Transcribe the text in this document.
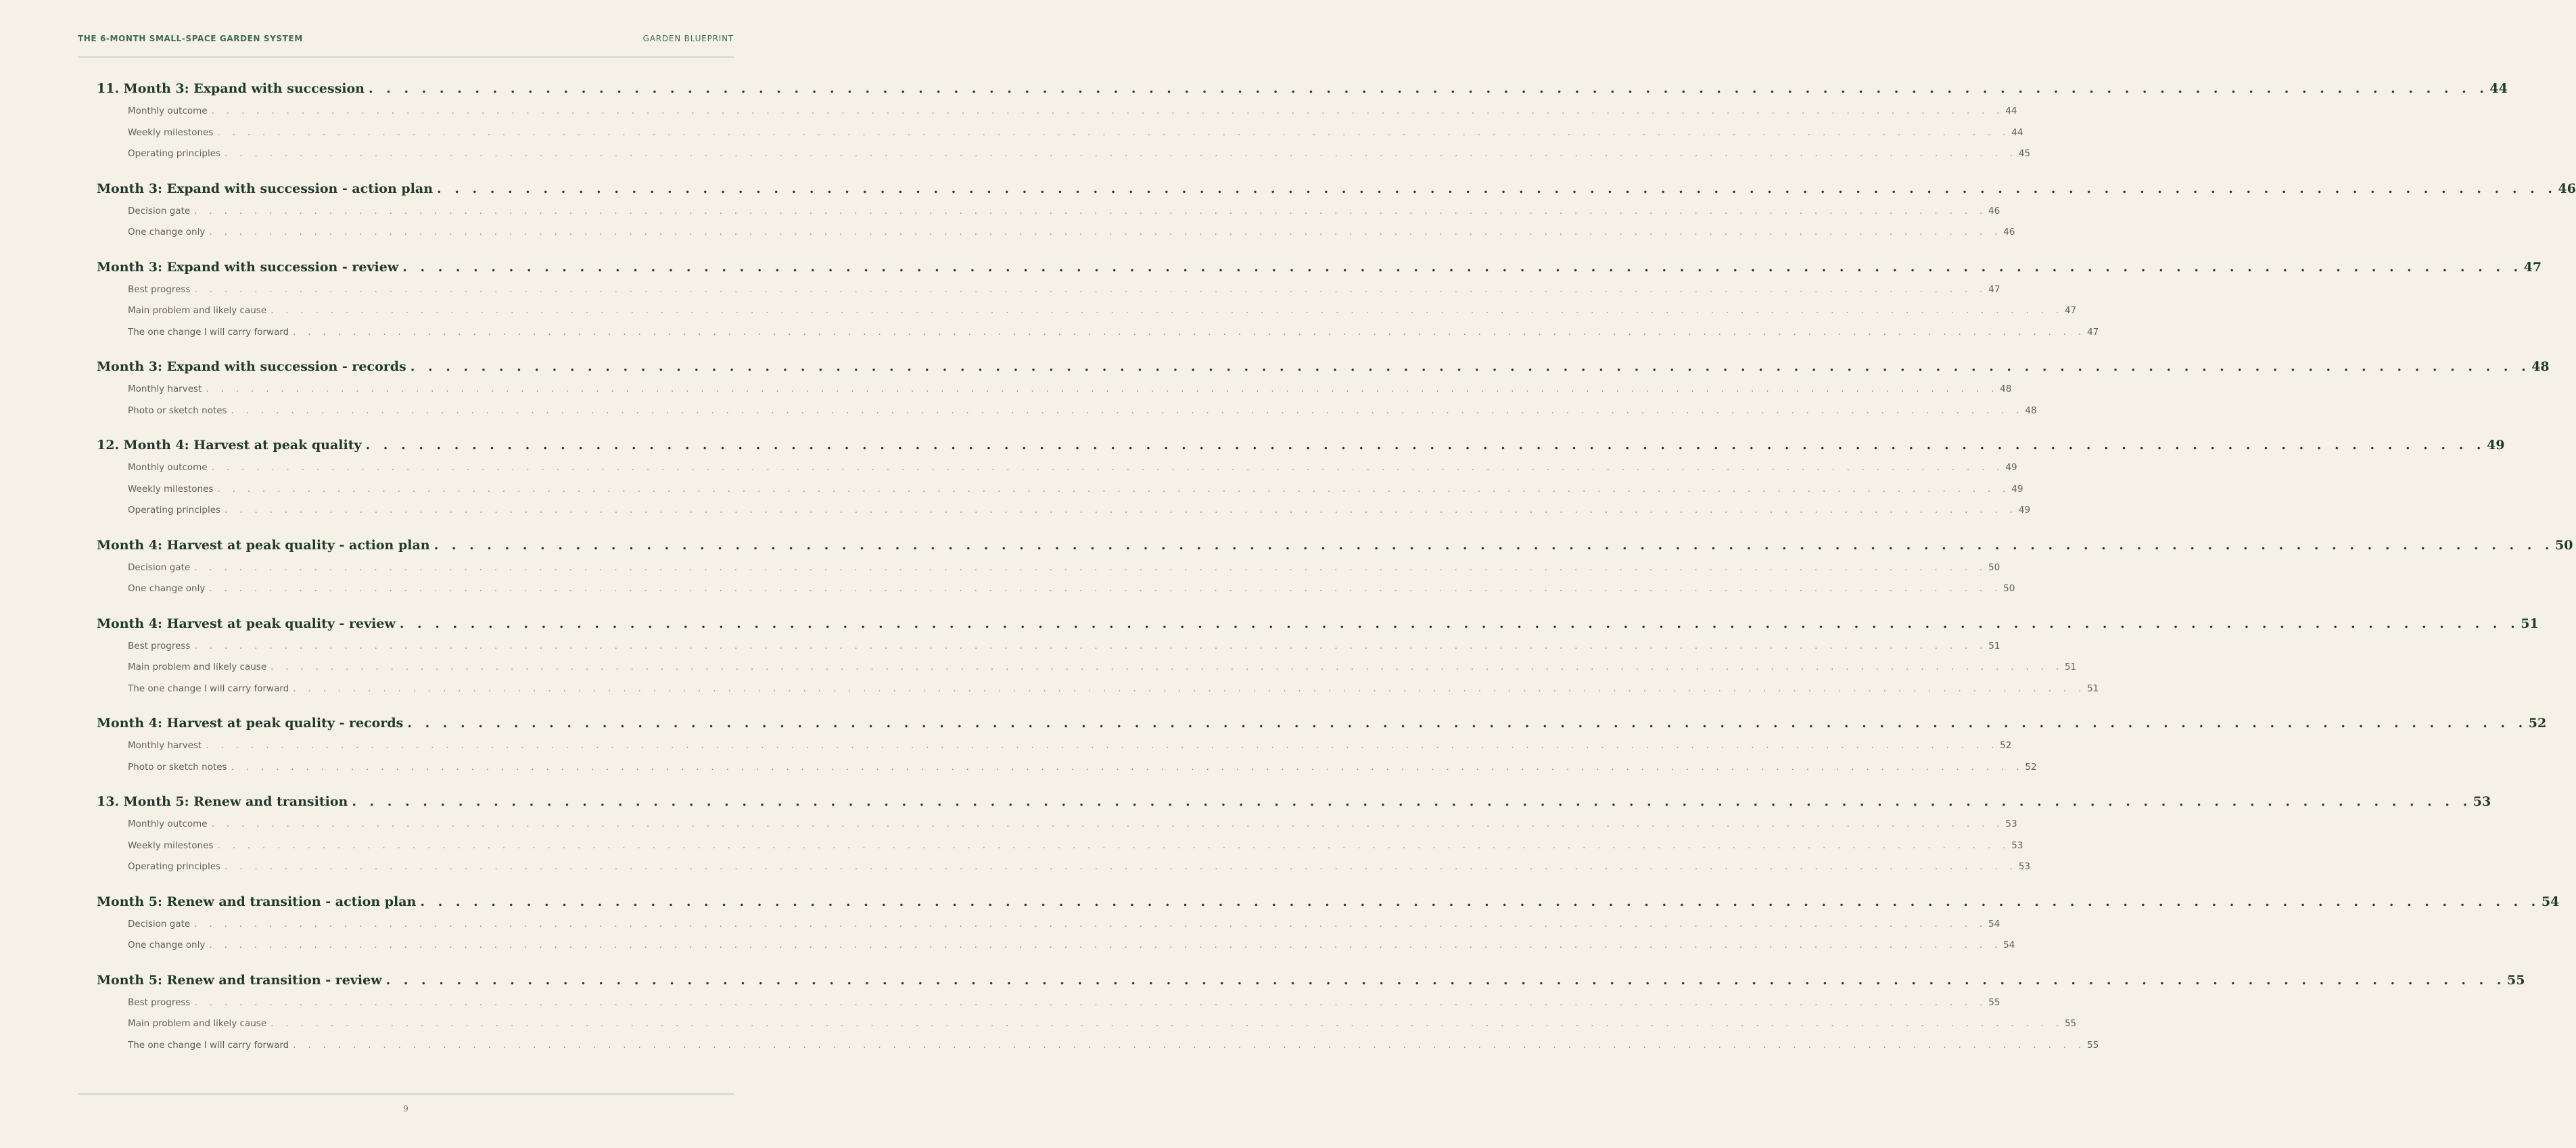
THE 6-MONTH SMALL-SPACE GARDEN SYSTEM	GARDEN BLUEPRINT
11. Month 3: Expand with succession . . . . . . . . . . . . . . . . . . . . . . . . . . . . . . . . . . . . . . . . . . . . . . . . . . . . . . . . . . . . . . . . . . . . . . . . . . . . . . . . . . . . . . . . . . . . . . . . . . . . . . . . . . . . . . . . . . . . . . . . 44
Monthly outcome . . . . . . . . . . . . . . . . . . . . . . . . . . . . . . . . . . . . . . . . . . . . . . . . . . . . . . . . . . . . . . . . . . . . . . . . . . . . . . . . . . . . . . . . . . . . . . . . . . . . . . . . . . . . . . . . . . . . . . . . 44
Weekly milestones . . . . . . . . . . . . . . . . . . . . . . . . . . . . . . . . . . . . . . . . . . . . . . . . . . . . . . . . . . . . . . . . . . . . . . . . . . . . . . . . . . . . . . . . . . . . . . . . . . . . . . . . . . . . . . . . . . . . . . . . 44
Operating principles . . . . . . . . . . . . . . . . . . . . . . . . . . . . . . . . . . . . . . . . . . . . . . . . . . . . . . . . . . . . . . . . . . . . . . . . . . . . . . . . . . . . . . . . . . . . . . . . . . . . . . . . . . . . . . . . . . . . . . . . 45
Month 3: Expand with succession - action plan . . . . . . . . . . . . . . . . . . . . . . . . . . . . . . . . . . . . . . . . . . . . . . . . . . . . . . . . . . . . . . . . . . . . . . . . . . . . . . . . . . . . . . . . . . . . . . . . . . . . . . . . . . . . . . . . . . . . . . . . 46
Decision gate . . . . . . . . . . . . . . . . . . . . . . . . . . . . . . . . . . . . . . . . . . . . . . . . . . . . . . . . . . . . . . . . . . . . . . . . . . . . . . . . . . . . . . . . . . . . . . . . . . . . . . . . . . . . . . . . . . . . . . . . 46
One change only . . . . . . . . . . . . . . . . . . . . . . . . . . . . . . . . . . . . . . . . . . . . . . . . . . . . . . . . . . . . . . . . . . . . . . . . . . . . . . . . . . . . . . . . . . . . . . . . . . . . . . . . . . . . . . . . . . . . . . . . 46
Month 3: Expand with succession - review . . . . . . . . . . . . . . . . . . . . . . . . . . . . . . . . . . . . . . . . . . . . . . . . . . . . . . . . . . . . . . . . . . . . . . . . . . . . . . . . . . . . . . . . . . . . . . . . . . . . . . . . . . . . . . . . . . . . . . . . 47
Best progress . . . . . . . . . . . . . . . . . . . . . . . . . . . . . . . . . . . . . . . . . . . . . . . . . . . . . . . . . . . . . . . . . . . . . . . . . . . . . . . . . . . . . . . . . . . . . . . . . . . . . . . . . . . . . . . . . . . . . . . . 47
Main problem and likely cause . . . . . . . . . . . . . . . . . . . . . . . . . . . . . . . . . . . . . . . . . . . . . . . . . . . . . . . . . . . . . . . . . . . . . . . . . . . . . . . . . . . . . . . . . . . . . . . . . . . . . . . . . . . . . . . . . . . . . . . . 47
The one change I will carry forward . . . . . . . . . . . . . . . . . . . . . . . . . . . . . . . . . . . . . . . . . . . . . . . . . . . . . . . . . . . . . . . . . . . . . . . . . . . . . . . . . . . . . . . . . . . . . . . . . . . . . . . . . . . . . . . . . . . . . . . . 47
Month 3: Expand with succession - records . . . . . . . . . . . . . . . . . . . . . . . . . . . . . . . . . . . . . . . . . . . . . . . . . . . . . . . . . . . . . . . . . . . . . . . . . . . . . . . . . . . . . . . . . . . . . . . . . . . . . . . . . . . . . . . . . . . . . . . . 48
Monthly harvest . . . . . . . . . . . . . . . . . . . . . . . . . . . . . . . . . . . . . . . . . . . . . . . . . . . . . . . . . . . . . . . . . . . . . . . . . . . . . . . . . . . . . . . . . . . . . . . . . . . . . . . . . . . . . . . . . . . . . . . . 48
Photo or sketch notes . . . . . . . . . . . . . . . . . . . . . . . . . . . . . . . . . . . . . . . . . . . . . . . . . . . . . . . . . . . . . . . . . . . . . . . . . . . . . . . . . . . . . . . . . . . . . . . . . . . . . . . . . . . . . . . . . . . . . . . . 48
12. Month 4: Harvest at peak quality . . . . . . . . . . . . . . . . . . . . . . . . . . . . . . . . . . . . . . . . . . . . . . . . . . . . . . . . . . . . . . . . . . . . . . . . . . . . . . . . . . . . . . . . . . . . . . . . . . . . . . . . . . . . . . . . . . . . . . . . 49
Monthly outcome . . . . . . . . . . . . . . . . . . . . . . . . . . . . . . . . . . . . . . . . . . . . . . . . . . . . . . . . . . . . . . . . . . . . . . . . . . . . . . . . . . . . . . . . . . . . . . . . . . . . . . . . . . . . . . . . . . . . . . . . 49
Weekly milestones . . . . . . . . . . . . . . . . . . . . . . . . . . . . . . . . . . . . . . . . . . . . . . . . . . . . . . . . . . . . . . . . . . . . . . . . . . . . . . . . . . . . . . . . . . . . . . . . . . . . . . . . . . . . . . . . . . . . . . . . 49
Operating principles . . . . . . . . . . . . . . . . . . . . . . . . . . . . . . . . . . . . . . . . . . . . . . . . . . . . . . . . . . . . . . . . . . . . . . . . . . . . . . . . . . . . . . . . . . . . . . . . . . . . . . . . . . . . . . . . . . . . . . . . 49
Month 4: Harvest at peak quality - action plan . . . . . . . . . . . . . . . . . . . . . . . . . . . . . . . . . . . . . . . . . . . . . . . . . . . . . . . . . . . . . . . . . . . . . . . . . . . . . . . . . . . . . . . . . . . . . . . . . . . . . . . . . . . . . . . . . . . . . . . . 50
Decision gate . . . . . . . . . . . . . . . . . . . . . . . . . . . . . . . . . . . . . . . . . . . . . . . . . . . . . . . . . . . . . . . . . . . . . . . . . . . . . . . . . . . . . . . . . . . . . . . . . . . . . . . . . . . . . . . . . . . . . . . . 50
One change only . . . . . . . . . . . . . . . . . . . . . . . . . . . . . . . . . . . . . . . . . . . . . . . . . . . . . . . . . . . . . . . . . . . . . . . . . . . . . . . . . . . . . . . . . . . . . . . . . . . . . . . . . . . . . . . . . . . . . . . . 50
Month 4: Harvest at peak quality - review . . . . . . . . . . . . . . . . . . . . . . . . . . . . . . . . . . . . . . . . . . . . . . . . . . . . . . . . . . . . . . . . . . . . . . . . . . . . . . . . . . . . . . . . . . . . . . . . . . . . . . . . . . . . . . . . . . . . . . . . 51
Best progress . . . . . . . . . . . . . . . . . . . . . . . . . . . . . . . . . . . . . . . . . . . . . . . . . . . . . . . . . . . . . . . . . . . . . . . . . . . . . . . . . . . . . . . . . . . . . . . . . . . . . . . . . . . . . . . . . . . . . . . . 51
Main problem and likely cause . . . . . . . . . . . . . . . . . . . . . . . . . . . . . . . . . . . . . . . . . . . . . . . . . . . . . . . . . . . . . . . . . . . . . . . . . . . . . . . . . . . . . . . . . . . . . . . . . . . . . . . . . . . . . . . . . . . . . . . . 51
The one change I will carry forward . . . . . . . . . . . . . . . . . . . . . . . . . . . . . . . . . . . . . . . . . . . . . . . . . . . . . . . . . . . . . . . . . . . . . . . . . . . . . . . . . . . . . . . . . . . . . . . . . . . . . . . . . . . . . . . . . . . . . . . . 51
Month 4: Harvest at peak quality - records . . . . . . . . . . . . . . . . . . . . . . . . . . . . . . . . . . . . . . . . . . . . . . . . . . . . . . . . . . . . . . . . . . . . . . . . . . . . . . . . . . . . . . . . . . . . . . . . . . . . . . . . . . . . . . . . . . . . . . . . 52
Monthly harvest . . . . . . . . . . . . . . . . . . . . . . . . . . . . . . . . . . . . . . . . . . . . . . . . . . . . . . . . . . . . . . . . . . . . . . . . . . . . . . . . . . . . . . . . . . . . . . . . . . . . . . . . . . . . . . . . . . . . . . . . 52
Photo or sketch notes . . . . . . . . . . . . . . . . . . . . . . . . . . . . . . . . . . . . . . . . . . . . . . . . . . . . . . . . . . . . . . . . . . . . . . . . . . . . . . . . . . . . . . . . . . . . . . . . . . . . . . . . . . . . . . . . . . . . . . . . 52
13. Month 5: Renew and transition . . . . . . . . . . . . . . . . . . . . . . . . . . . . . . . . . . . . . . . . . . . . . . . . . . . . . . . . . . . . . . . . . . . . . . . . . . . . . . . . . . . . . . . . . . . . . . . . . . . . . . . . . . . . . . . . . . . . . . . . 53
Monthly outcome . . . . . . . . . . . . . . . . . . . . . . . . . . . . . . . . . . . . . . . . . . . . . . . . . . . . . . . . . . . . . . . . . . . . . . . . . . . . . . . . . . . . . . . . . . . . . . . . . . . . . . . . . . . . . . . . . . . . . . . . 53
Weekly milestones . . . . . . . . . . . . . . . . . . . . . . . . . . . . . . . . . . . . . . . . . . . . . . . . . . . . . . . . . . . . . . . . . . . . . . . . . . . . . . . . . . . . . . . . . . . . . . . . . . . . . . . . . . . . . . . . . . . . . . . . 53
Operating principles . . . . . . . . . . . . . . . . . . . . . . . . . . . . . . . . . . . . . . . . . . . . . . . . . . . . . . . . . . . . . . . . . . . . . . . . . . . . . . . . . . . . . . . . . . . . . . . . . . . . . . . . . . . . . . . . . . . . . . . . 53
Month 5: Renew and transition - action plan . . . . . . . . . . . . . . . . . . . . . . . . . . . . . . . . . . . . . . . . . . . . . . . . . . . . . . . . . . . . . . . . . . . . . . . . . . . . . . . . . . . . . . . . . . . . . . . . . . . . . . . . . . . . . . . . . . . . . . . . 54
Decision gate . . . . . . . . . . . . . . . . . . . . . . . . . . . . . . . . . . . . . . . . . . . . . . . . . . . . . . . . . . . . . . . . . . . . . . . . . . . . . . . . . . . . . . . . . . . . . . . . . . . . . . . . . . . . . . . . . . . . . . . . 54
One change only . . . . . . . . . . . . . . . . . . . . . . . . . . . . . . . . . . . . . . . . . . . . . . . . . . . . . . . . . . . . . . . . . . . . . . . . . . . . . . . . . . . . . . . . . . . . . . . . . . . . . . . . . . . . . . . . . . . . . . . . 54
Month 5: Renew and transition - review . . . . . . . . . . . . . . . . . . . . . . . . . . . . . . . . . . . . . . . . . . . . . . . . . . . . . . . . . . . . . . . . . . . . . . . . . . . . . . . . . . . . . . . . . . . . . . . . . . . . . . . . . . . . . . . . . . . . . . . . 55
Best progress . . . . . . . . . . . . . . . . . . . . . . . . . . . . . . . . . . . . . . . . . . . . . . . . . . . . . . . . . . . . . . . . . . . . . . . . . . . . . . . . . . . . . . . . . . . . . . . . . . . . . . . . . . . . . . . . . . . . . . . . 55
Main problem and likely cause . . . . . . . . . . . . . . . . . . . . . . . . . . . . . . . . . . . . . . . . . . . . . . . . . . . . . . . . . . . . . . . . . . . . . . . . . . . . . . . . . . . . . . . . . . . . . . . . . . . . . . . . . . . . . . . . . . . . . . . . 55
The one change I will carry forward . . . . . . . . . . . . . . . . . . . . . . . . . . . . . . . . . . . . . . . . . . . . . . . . . . . . . . . . . . . . . . . . . . . . . . . . . . . . . . . . . . . . . . . . . . . . . . . . . . . . . . . . . . . . . . . . . . . . . . . . 55
9
